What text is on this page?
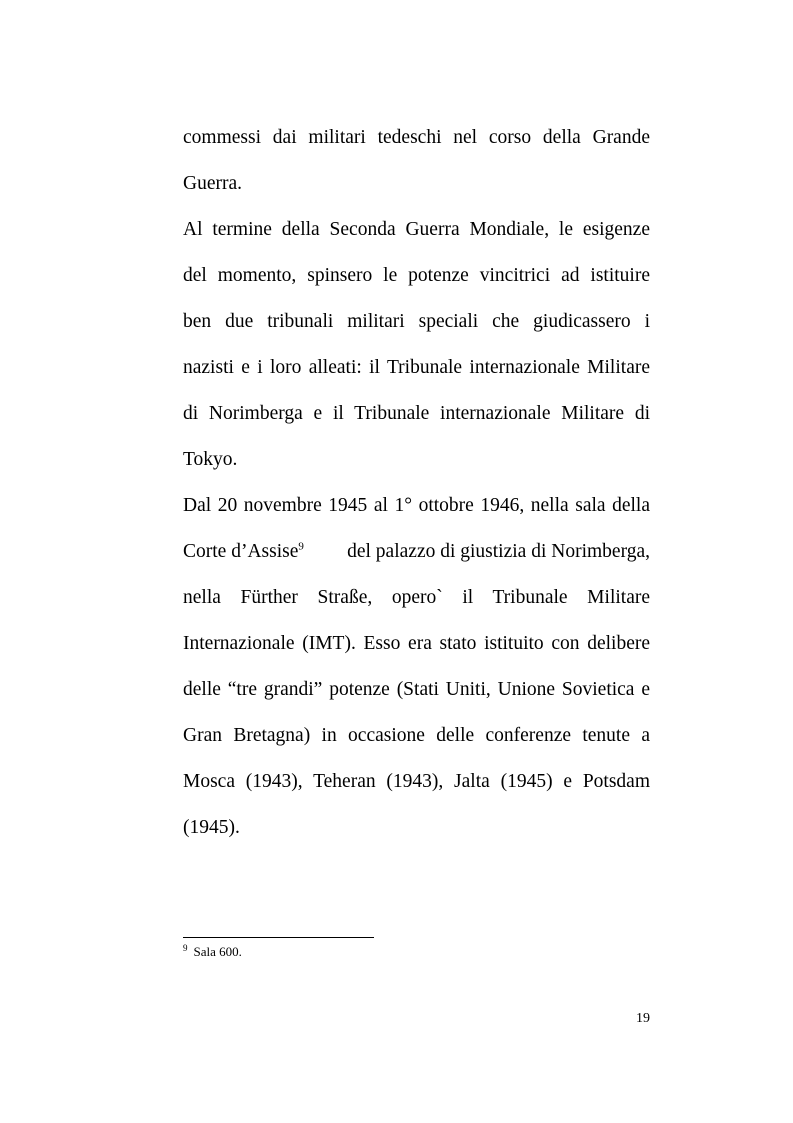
commessi dai militari tedeschi nel corso della Grande
Guerra.
Al termine della Seconda Guerra Mondiale, le esigenze
del momento, spinsero le potenze vincitrici ad istituire
ben due tribunali militari speciali che giudicassero i
nazisti e i loro alleati: il Tribunale internazionale Militare
di Norimberga e il Tribunale internazionale Militare di
Tokyo.
Dal 20 novembre 1945 al 1° ottobre 1946, nella sala della
Corte d’Assise$^9$ del palazzo di giustizia di Norimberga,
nella Fürther Straße, opero` il Tribunale Militare
Internazionale (IMT). Esso era stato istituito con delibere
delle “tre grandi” potenze (Stati Uniti, Unione Sovietica e
Gran Bretagna) in occasione delle conferenze tenute a
Mosca (1943), Teheran (1943), Jalta (1945) e Potsdam
(1945).
$^9$ Sala 600.
19
